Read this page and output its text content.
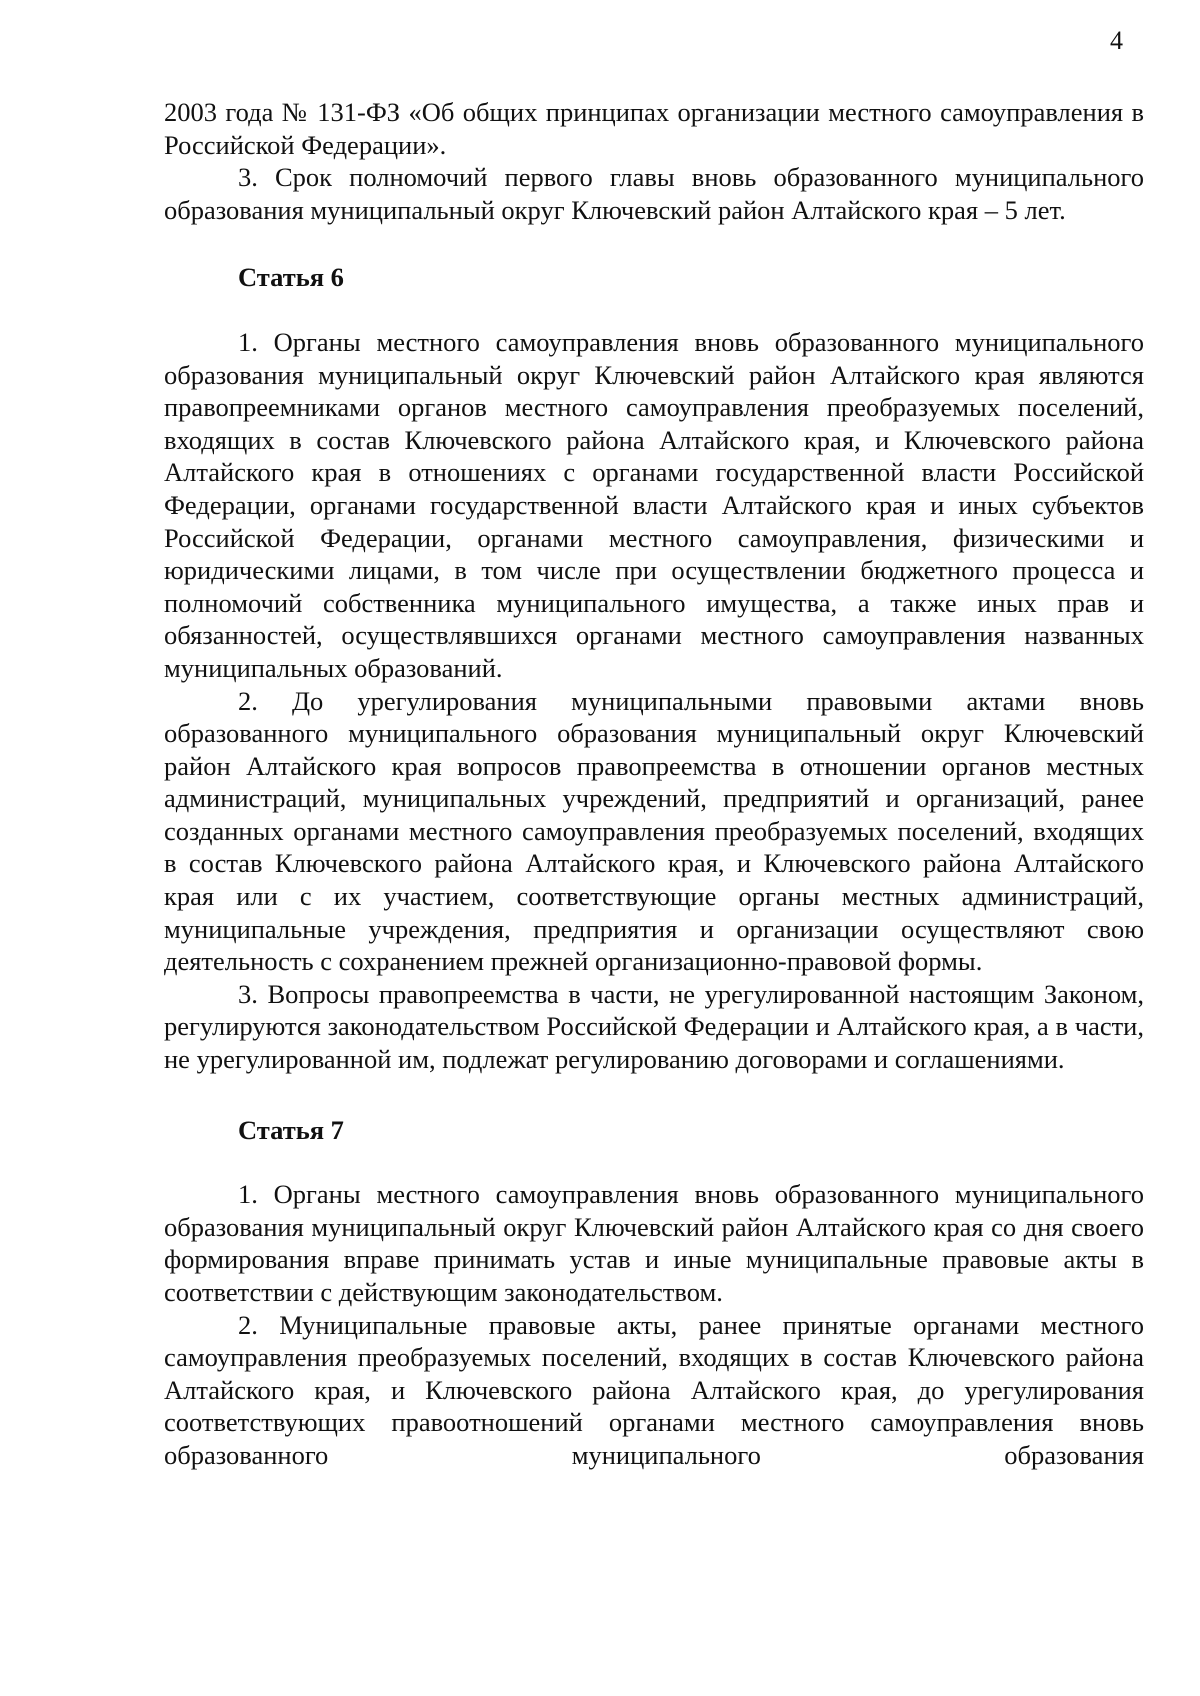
4

2003 года № 131-ФЗ «Об общих принципах организации местного самоуправления в Российской Федерации».

3. Срок полномочий первого главы вновь образованного муниципального образования муниципальный округ Ключевский район Алтайского края – 5 лет.

Статья 6

1. Органы местного самоуправления вновь образованного муниципального образования муниципальный округ Ключевский район Алтайского края являются правопреемниками органов местного самоуправления преобразуемых поселений, входящих в состав Ключевского района Алтайского края, и Ключевского района Алтайского края в отношениях с органами государственной власти Российской Федерации, органами государственной власти Алтайского края и иных субъектов Российской Федерации, органами местного самоуправления, физическими и юридическими лицами, в том числе при осуществлении бюджетного процесса и полномочий собственника муниципального имущества, а также иных прав и обязанностей, осуществлявшихся органами местного самоуправления названных муниципальных образований.

2. До урегулирования муниципальными правовыми актами вновь образованного муниципального образования муниципальный округ Ключевский район Алтайского края вопросов правопреемства в отношении органов местных администраций, муниципальных учреждений, предприятий и организаций, ранее созданных органами местного самоуправления преобразуемых поселений, входящих в состав Ключевского района Алтайского края, и Ключевского района Алтайского края или с их участием, соответствующие органы местных администраций, муниципальные учреждения, предприятия и организации осуществляют свою деятельность с сохранением прежней организационно-правовой формы.

3. Вопросы правопреемства в части, не урегулированной настоящим Законом, регулируются законодательством Российской Федерации и Алтайского края, а в части, не урегулированной им, подлежат регулированию договорами и соглашениями.

Статья 7

1. Органы местного самоуправления вновь образованного муниципального образования муниципальный округ Ключевский район Алтайского края со дня своего формирования вправе принимать устав и иные муниципальные правовые акты в соответствии с действующим законодательством.

2. Муниципальные правовые акты, ранее принятые органами местного самоуправления преобразуемых поселений, входящих в состав Ключевского района Алтайского края, и Ключевского района Алтайского края, до урегулирования соответствующих правоотношений органами местного самоуправления вновь образованного муниципального образования
